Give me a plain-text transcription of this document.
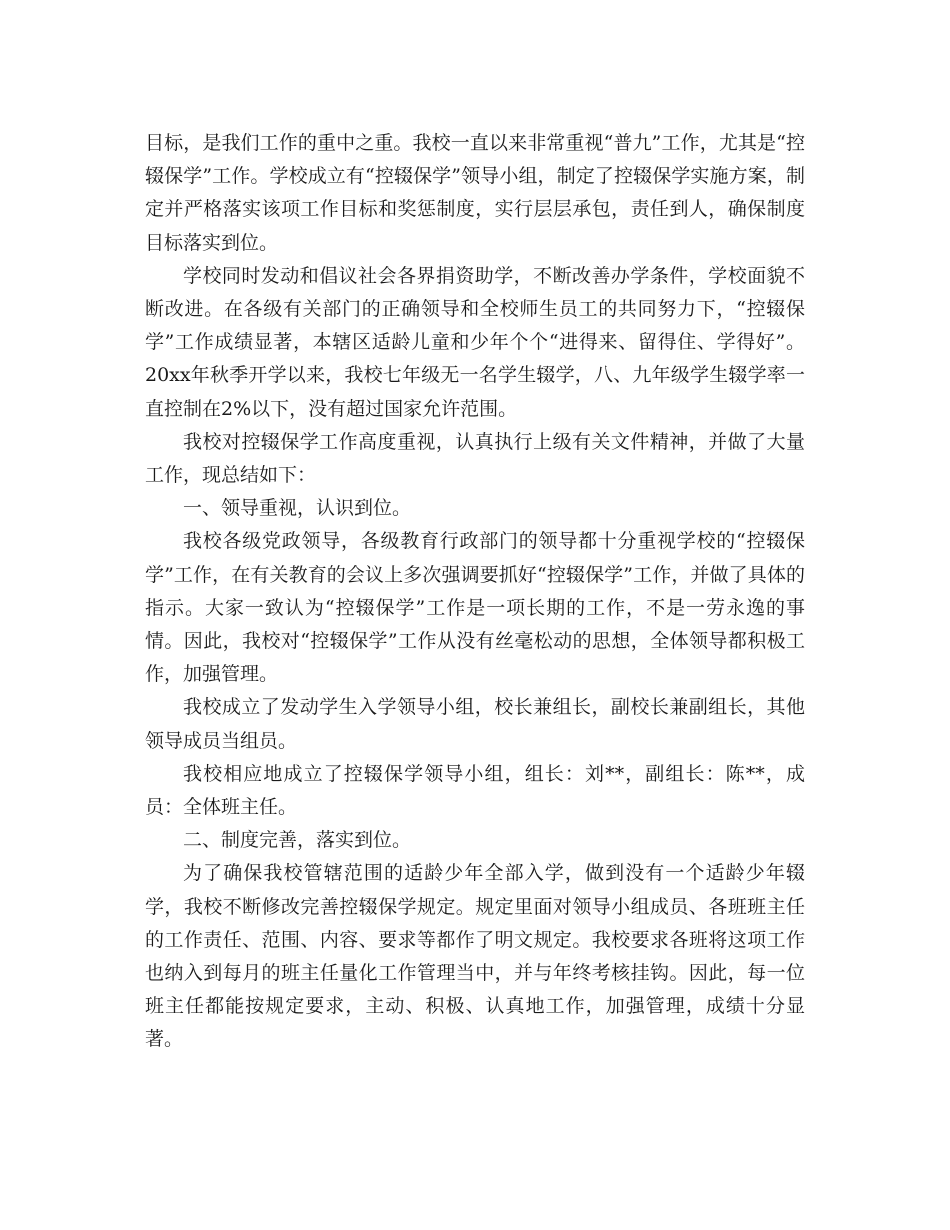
目标，是我们工作的重中之重。我校一直以来非常重视“普九”工作，尤其是“控辍保学”工作。学校成立有“控辍保学”领导小组，制定了控辍保学实施方案，制定并严格落实该项工作目标和奖惩制度，实行层层承包，责任到人，确保制度目标落实到位。

学校同时发动和倡议社会各界捐资助学，不断改善办学条件，学校面貌不断改进。在各级有关部门的正确领导和全校师生员工的共同努力下，“控辍保学”工作成绩显著，本辖区适龄儿童和少年个个“进得来、留得住、学得好”。20xx年秋季开学以来，我校七年级无一名学生辍学，八、九年级学生辍学率一直控制在2%以下，没有超过国家允许范围。

我校对控辍保学工作高度重视，认真执行上级有关文件精神，并做了大量工作，现总结如下：

一、领导重视，认识到位。

我校各级党政领导，各级教育行政部门的领导都十分重视学校的“控辍保学”工作，在有关教育的会议上多次强调要抓好“控辍保学”工作，并做了具体的指示。大家一致认为“控辍保学”工作是一项长期的工作，不是一劳永逸的事情。因此，我校对“控辍保学”工作从没有丝毫松动的思想，全体领导都积极工作，加强管理。

我校成立了发动学生入学领导小组，校长兼组长，副校长兼副组长，其他领导成员当组员。

我校相应地成立了控辍保学领导小组，组长：刘**，副组长：陈**，成员：全体班主任。

二、制度完善，落实到位。

为了确保我校管辖范围的适龄少年全部入学，做到没有一个适龄少年辍学，我校不断修改完善控辍保学规定。规定里面对领导小组成员、各班班主任的工作责任、范围、内容、要求等都作了明文规定。我校要求各班将这项工作也纳入到每月的班主任量化工作管理当中，并与年终考核挂钩。因此，每一位班主任都能按规定要求，主动、积极、认真地工作，加强管理，成绩十分显著。
